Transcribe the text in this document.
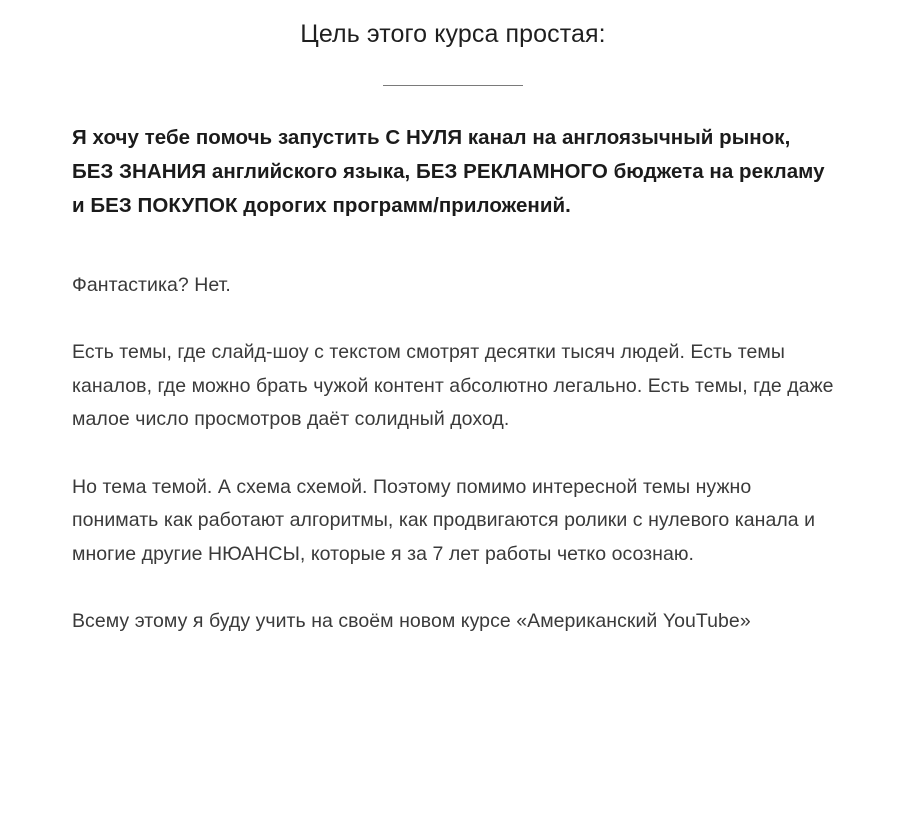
Цель этого курса простая:

Я хочу тебе помочь запустить С НУЛЯ канал на англоязычный рынок, БЕЗ ЗНАНИЯ английского языка, БЕЗ РЕКЛАМНОГО бюджета на рекламу и БЕЗ ПОКУПОК дорогих программ/приложений.

Фантастика? Нет.

Есть темы, где слайд-шоу с текстом смотрят десятки тысяч людей. Есть темы каналов, где можно брать чужой контент абсолютно легально. Есть темы, где даже малое число просмотров даёт солидный доход.

Но тема темой. А схема схемой. Поэтому помимо интересной темы нужно понимать как работают алгоритмы, как продвигаются ролики с нулевого канала и многие другие НЮАНСЫ, которые я за 7 лет работы четко осознаю.

Всему этому я буду учить на своём новом курсе «Американский YouTube»
